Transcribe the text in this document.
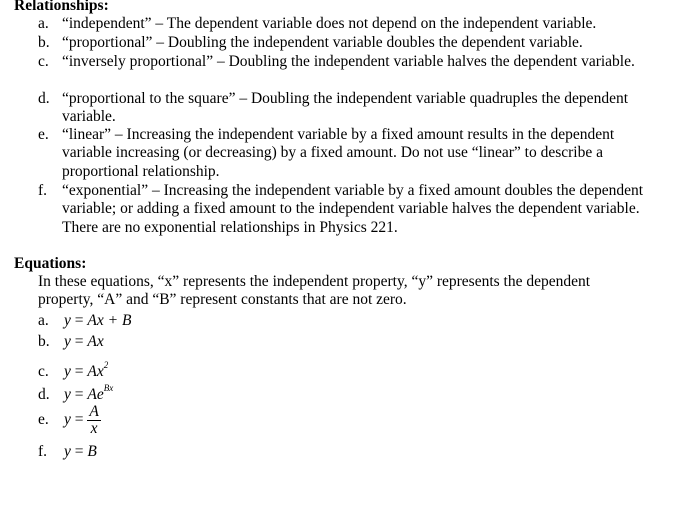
Relationships:
a. “independent” – The dependent variable does not depend on the independent variable.
b. “proportional” – Doubling the independent variable doubles the dependent variable.
c. “inversely proportional” – Doubling the independent variable halves the dependent variable.
d. “proportional to the square” – Doubling the independent variable quadruples the dependent variable.
e. “linear” – Increasing the independent variable by a fixed amount results in the dependent variable increasing (or decreasing) by a fixed amount. Do not use “linear” to describe a proportional relationship.
f. “exponential” – Increasing the independent variable by a fixed amount doubles the dependent variable; or adding a fixed amount to the independent variable halves the dependent variable. There are no exponential relationships in Physics 221.
Equations:
In these equations, “x” represents the independent property, “y” represents the dependent property, “A” and “B” represent constants that are not zero.
a. y = Ax + B
b. y = Ax
c. $y = Ax^2$
d. $y = Ae^{Bx}$
e. $y = \frac{A}{x}$
f. y = B
